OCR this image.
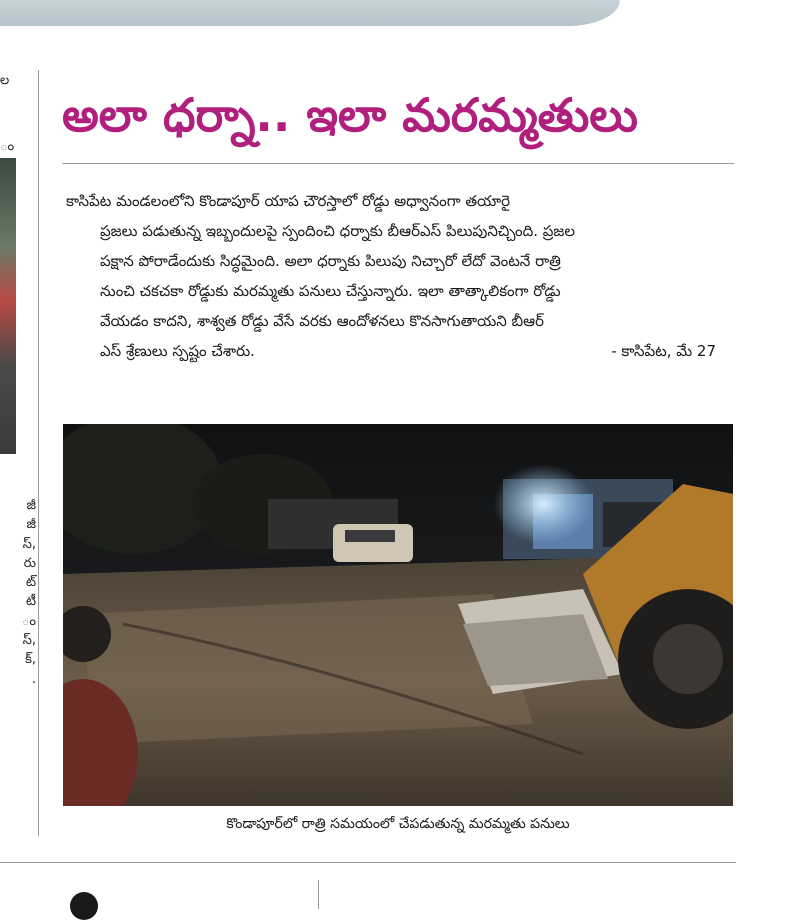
ల
ం
జీ
జీ
స్,
రు
ట్
టీ
ం
స్,
క్,
.
అలా ధర్నా.. ఇలా మరమ్మతులు
కాసిపేట మండలంలోని కొండాపూర్ యాప చౌరస్తాలో రోడ్డు అధ్వానంగా తయారై
ప్రజలు పడుతున్న ఇబ్బందులపై స్పందించి ధర్నాకు బీఆర్ఎస్ పిలుపునిచ్చింది. ప్రజల
పక్షాన పోరాడేందుకు సిద్ధమైంది. అలా ధర్నాకు పిలుపు నిచ్చారో లేదో వెంటనే రాత్రి
నుంచి చకచకా రోడ్డుకు మరమ్మతు పనులు చేస్తున్నారు. ఇలా తాత్కాలికంగా రోడ్డు
వేయడం కాదని, శాశ్వత రోడ్డు వేసే వరకు ఆందోళనలు కొనసాగుతాయని బీఆర్
ఎస్ శ్రేణులు స్పష్టం చేశారు.	- కాసిపేట, మే 27
కొండాపూర్‌లో రాత్రి సమయంలో చేపడుతున్న మరమ్మతు పనులు
